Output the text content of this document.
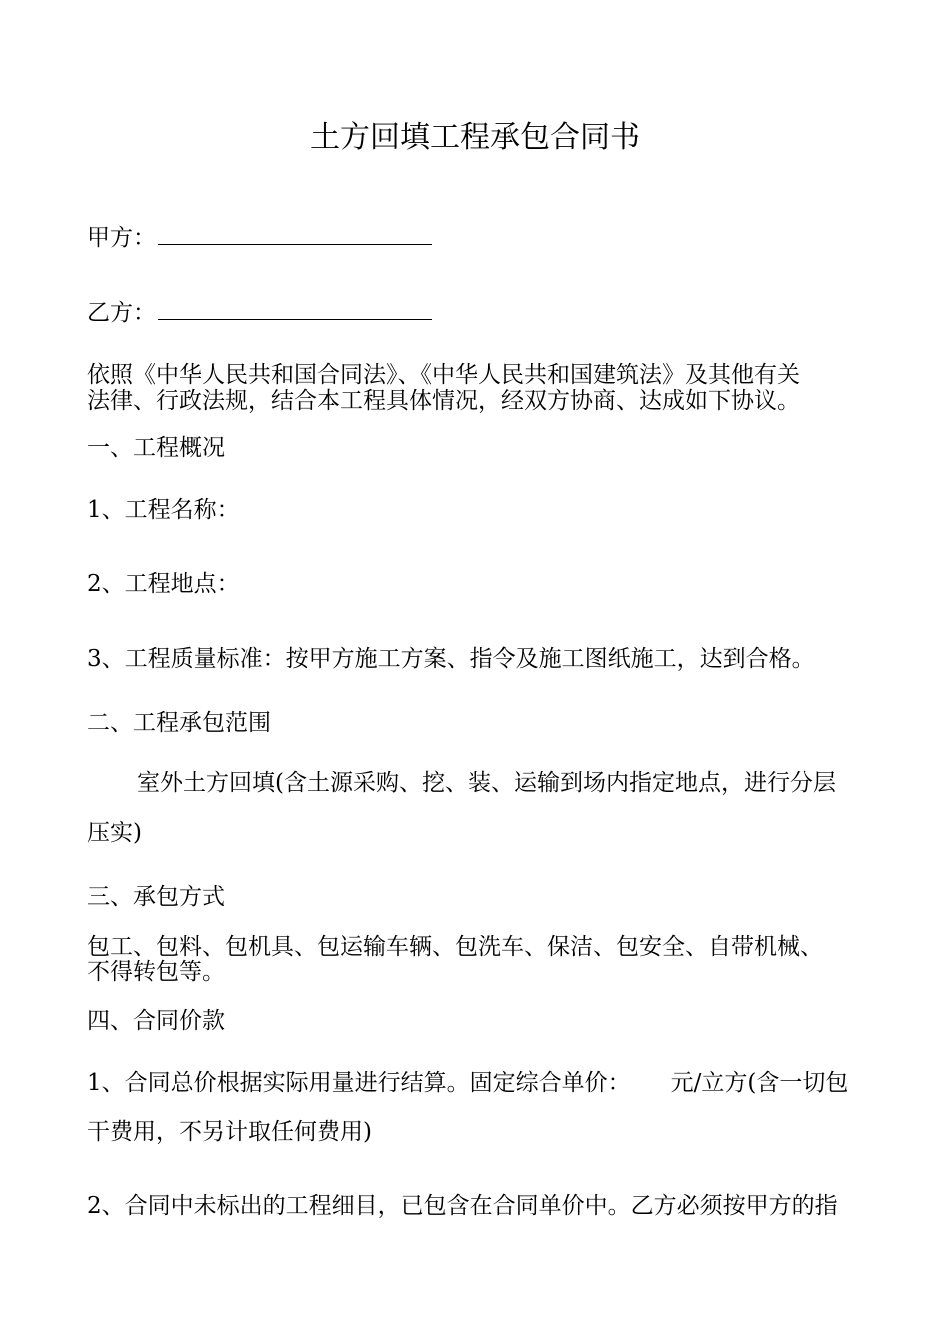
土方回填工程承包合同书
甲方：
乙方：
依照《中华人民共和国合同法》、《中华人民共和国建筑法》及其他有关
法律、行政法规，结合本工程具体情况，经双方协商、达成如下协议。
一、工程概况
1、工程名称：
2、工程地点：
3、工程质量标准：按甲方施工方案、指令及施工图纸施工，达到合格。
二、工程承包范围
室外土方回填(含土源采购、挖、装、运输到场内指定地点，进行分层
压实)
三、承包方式
包工、包料、包机具、包运输车辆、包洗车、保洁、包安全、自带机械、
不得转包等。
四、合同价款
1、合同总价根据实际用量进行结算。固定综合单价： 元/立方(含一切包
干费用，不另计取任何费用)
2、合同中未标出的工程细目，已包含在合同单价中。乙方必须按甲方的指
